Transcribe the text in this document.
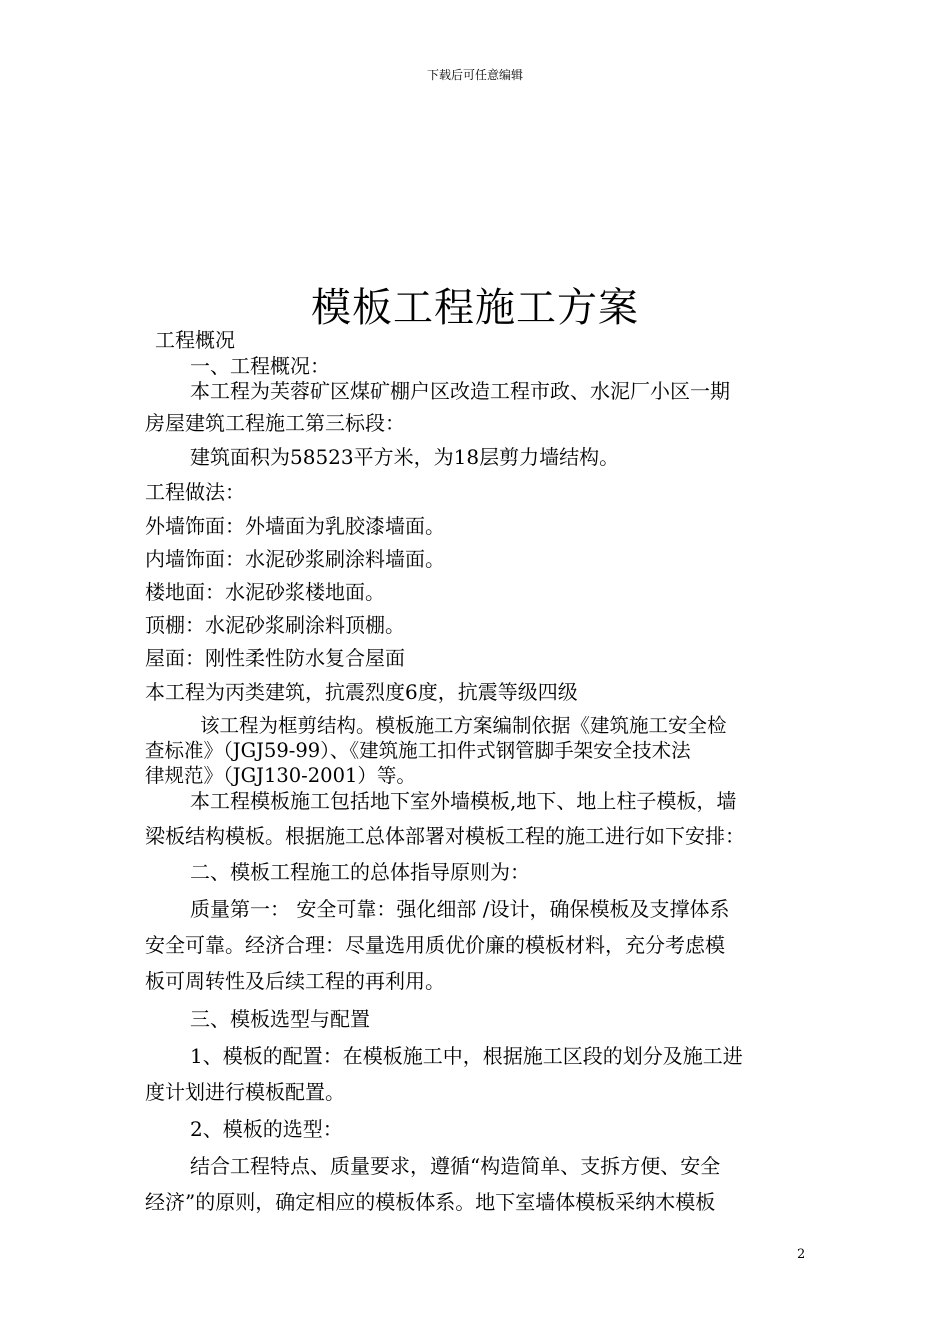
下载后可任意编辑
模板工程施工方案
工程概况
一、工程概况：
本工程为芙蓉矿区煤矿棚户区改造工程市政、水泥厂小区一期
房屋建筑工程施工第三标段：
建筑面积为58523平方米，为18层剪力墙结构。
工程做法：
外墙饰面：外墙面为乳胶漆墙面。
内墙饰面：水泥砂浆刷涂料墙面。
楼地面：水泥砂浆楼地面。
顶棚：水泥砂浆刷涂料顶棚。
屋面：刚性柔性防水复合屋面
本工程为丙类建筑，抗震烈度6度，抗震等级四级
该工程为框剪结构。模板施工方案编制依据《建筑施工安全检
查标准》（JGJ59-99）、《建筑施工扣件式钢管脚手架安全技术法
律规范》（JGJ130-2001）等。
本工程模板施工包括地下室外墙模板,地下、地上柱子模板，墙
梁板结构模板。根据施工总体部署对模板工程的施工进行如下安排：
二、模板工程施工的总体指导原则为：
质量第一： 安全可靠：强化细部 /设计，确保模板及支撑体系
安全可靠。经济合理：尽量选用质优价廉的模板材料，充分考虑模
板可周转性及后续工程的再利用。
三、模板选型与配置
1、模板的配置：在模板施工中，根据施工区段的划分及施工进
度计划进行模板配置。
2、模板的选型：
结合工程特点、质量要求，遵循“构造简单、支拆方便、安全
经济”的原则，确定相应的模板体系。地下室墙体模板采纳木模板
2
